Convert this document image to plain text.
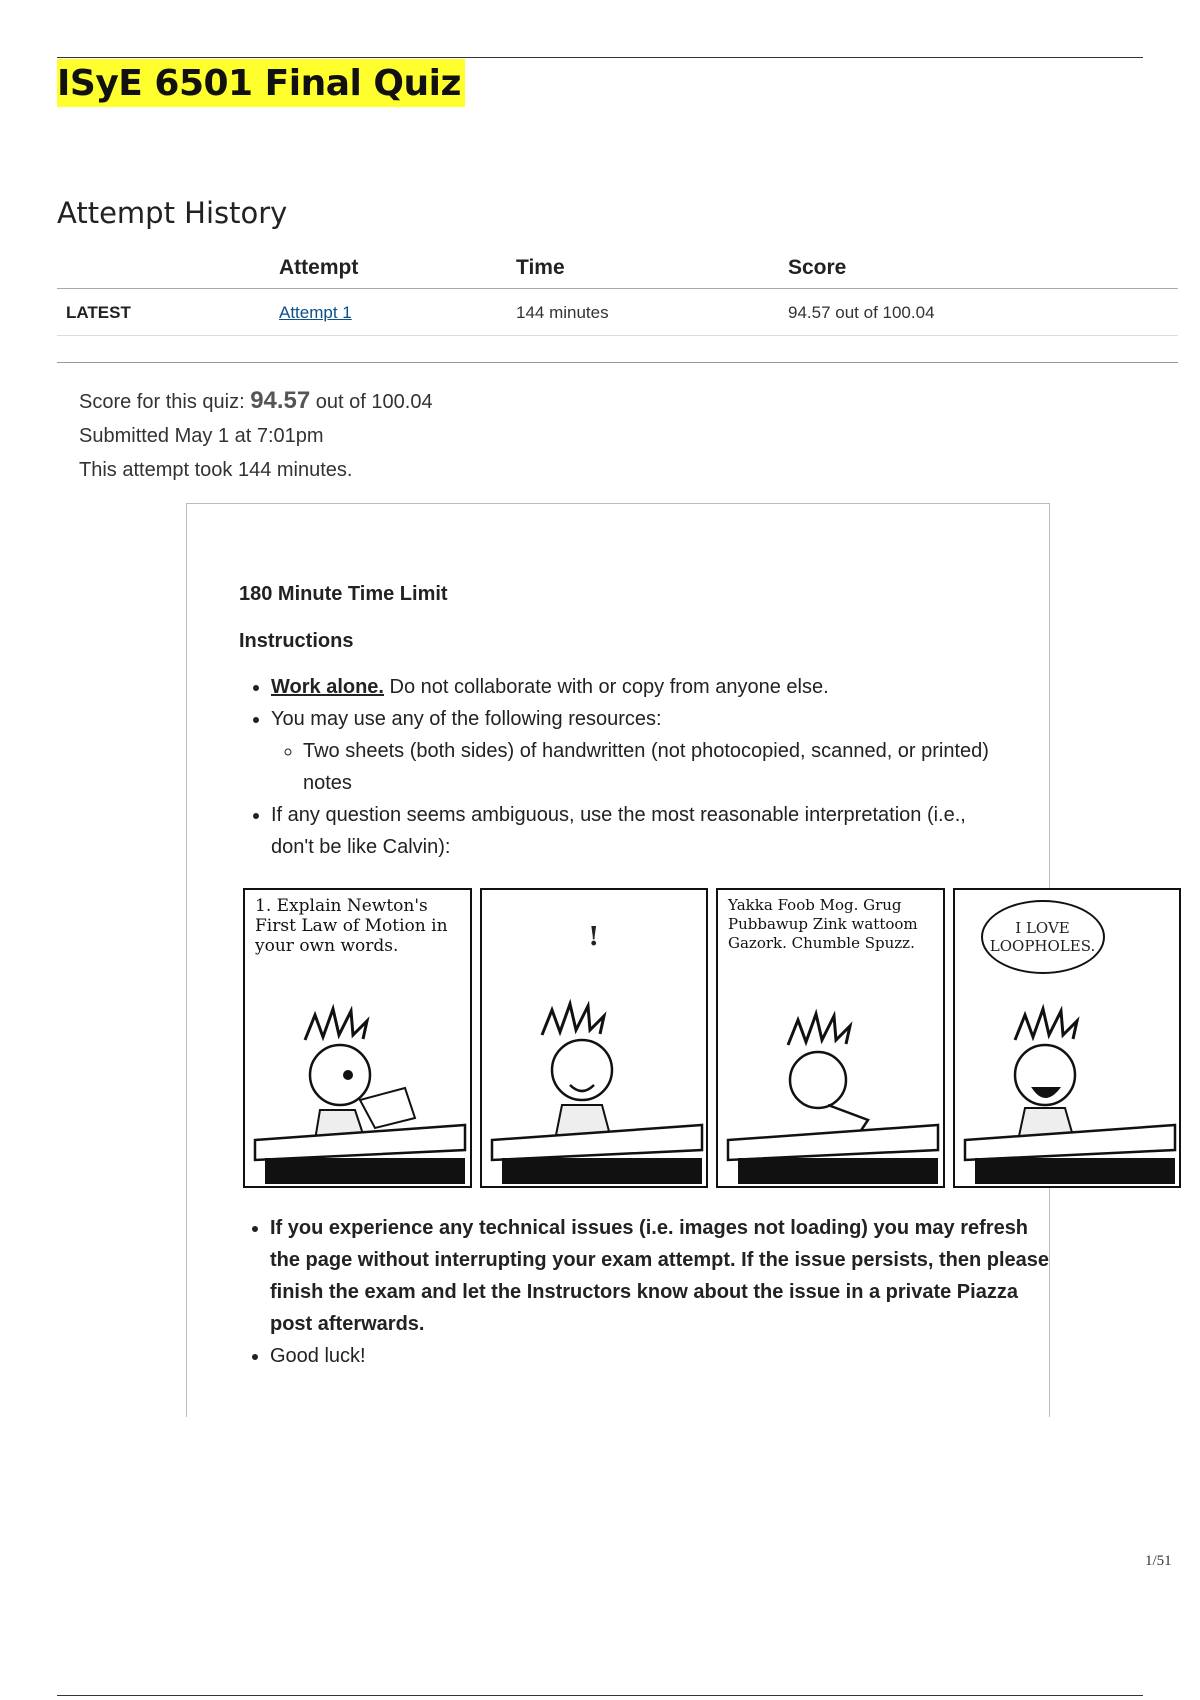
ISyE 6501 Final Quiz
Attempt History
	Attempt	Time	Score
LATEST	Attempt 1	144 minutes	94.57 out of 100.04

Score for this quiz: 94.57 out of 100.04

Submitted May 1 at 7:01pm

This attempt took 144 minutes.

180 Minute Time Limit
Instructions
• Work alone. Do not collaborate with or copy from anyone else.
• You may use any of the following resources:
◦ Two sheets (both sides) of handwritten (not photocopied, scanned, or printed) notes
• If any question seems ambiguous, use the most reasonable interpretation (i.e., don't be like Calvin):
1. Explain Newton's First Law of Motion in your own words.	!
Yakka Foob Mog. Grug Pubbawup Zink wattoom Gazork. Chumble Spuzz.
I LOVE LOOPHOLES.
• If you experience any technical issues (i.e. images not loading) you may refresh the page without interrupting your exam attempt. If the issue persists, then please finish the exam and let the Instructors know about the issue in a private Piazza post afterwards.
• Good luck!
1/51
